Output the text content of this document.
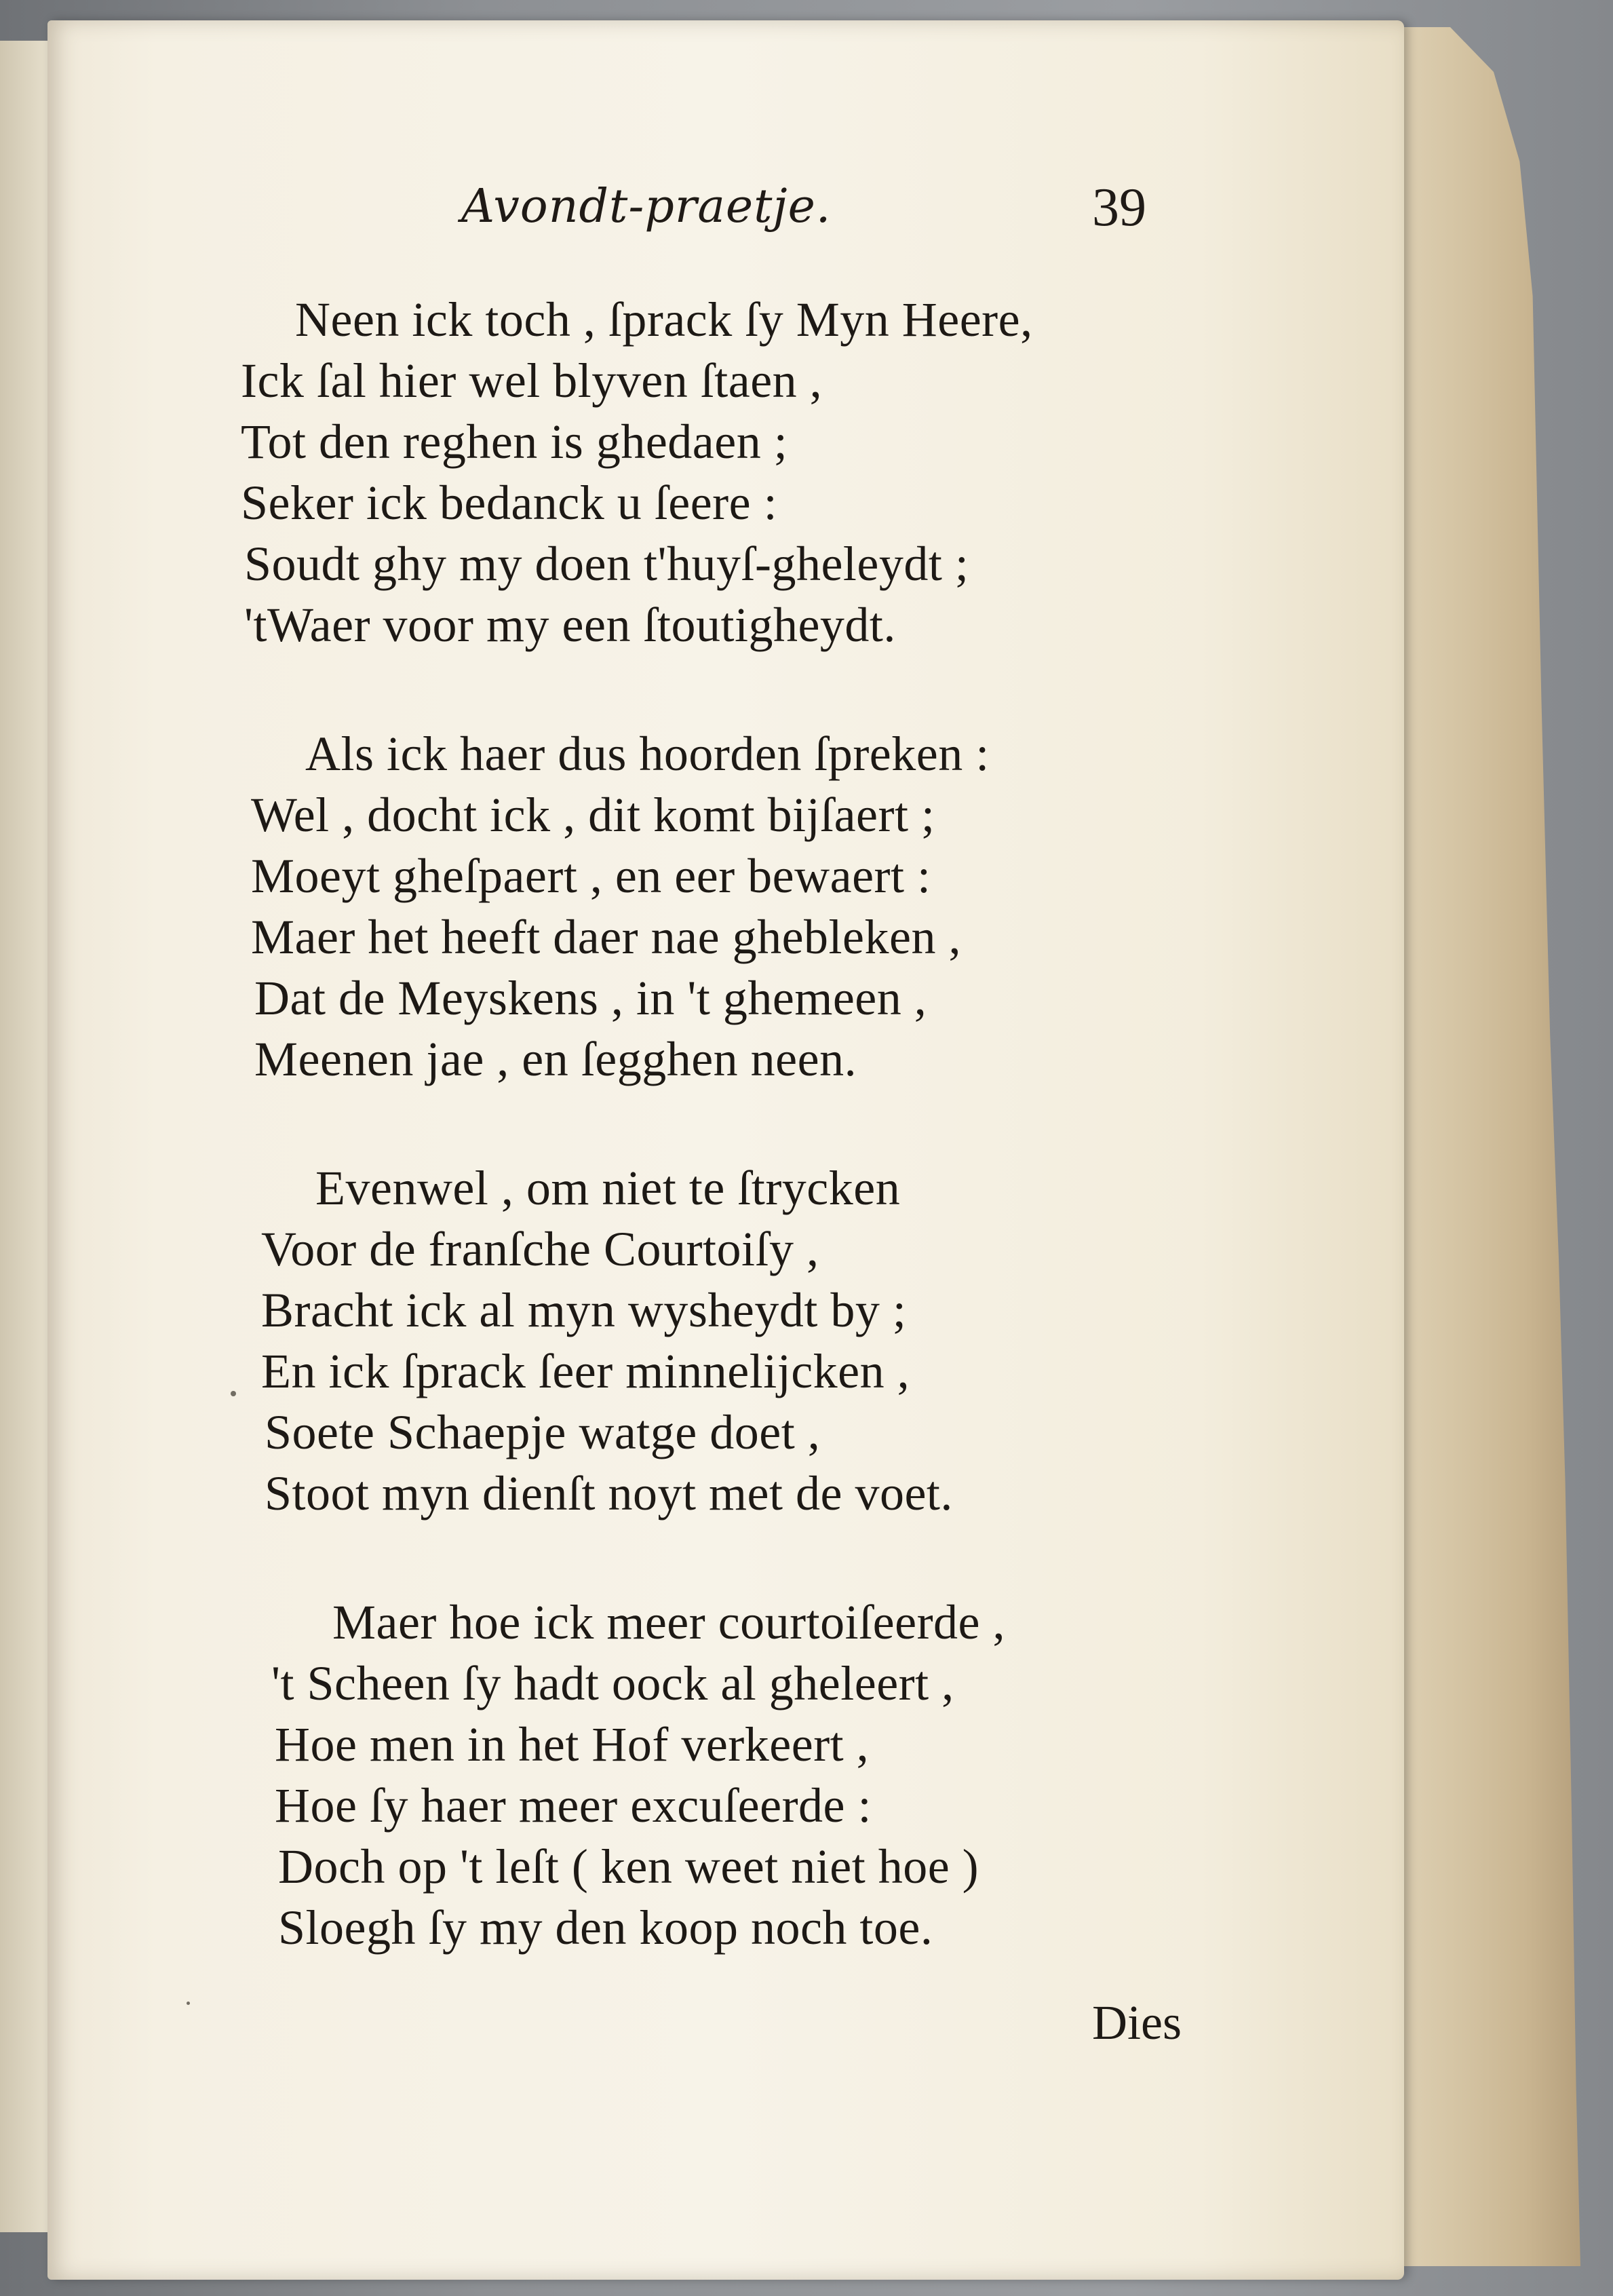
Avondt-praetje.	39
Neen ick toch , ſprack ſy Myn Heere,
Ick ſal hier wel blyven ſtaen ,
Tot den reghen is ghedaen ;
Seker ick bedanck u ſeere :
Soudt ghy my doen t'huyſ-gheleydt ;
'tWaer voor my een ſtoutigheydt.
Als ick haer dus hoorden ſpreken :
Wel , docht ick , dit komt bijſaert ;
Moeyt gheſpaert , en eer bewaert :
Maer het heeft daer nae ghebleken ,
Dat de Meyskens , in 't ghemeen ,
Meenen jae , en ſegghen neen.
Evenwel , om niet te ſtrycken
Voor de franſche Courtoiſy ,
Bracht ick al myn wysheydt by ;
En ick ſprack ſeer minnelijcken ,
Soete Schaepje watge doet ,
Stoot myn dienſt noyt met de voet.
Maer hoe ick meer courtoiſeerde ,
't Scheen ſy hadt oock al gheleert ,
Hoe men in het Hof verkeert ,
Hoe ſy haer meer excuſeerde :
Doch op 't leſt ( ken weet niet hoe )
Sloegh ſy my den koop noch toe.
Dies
